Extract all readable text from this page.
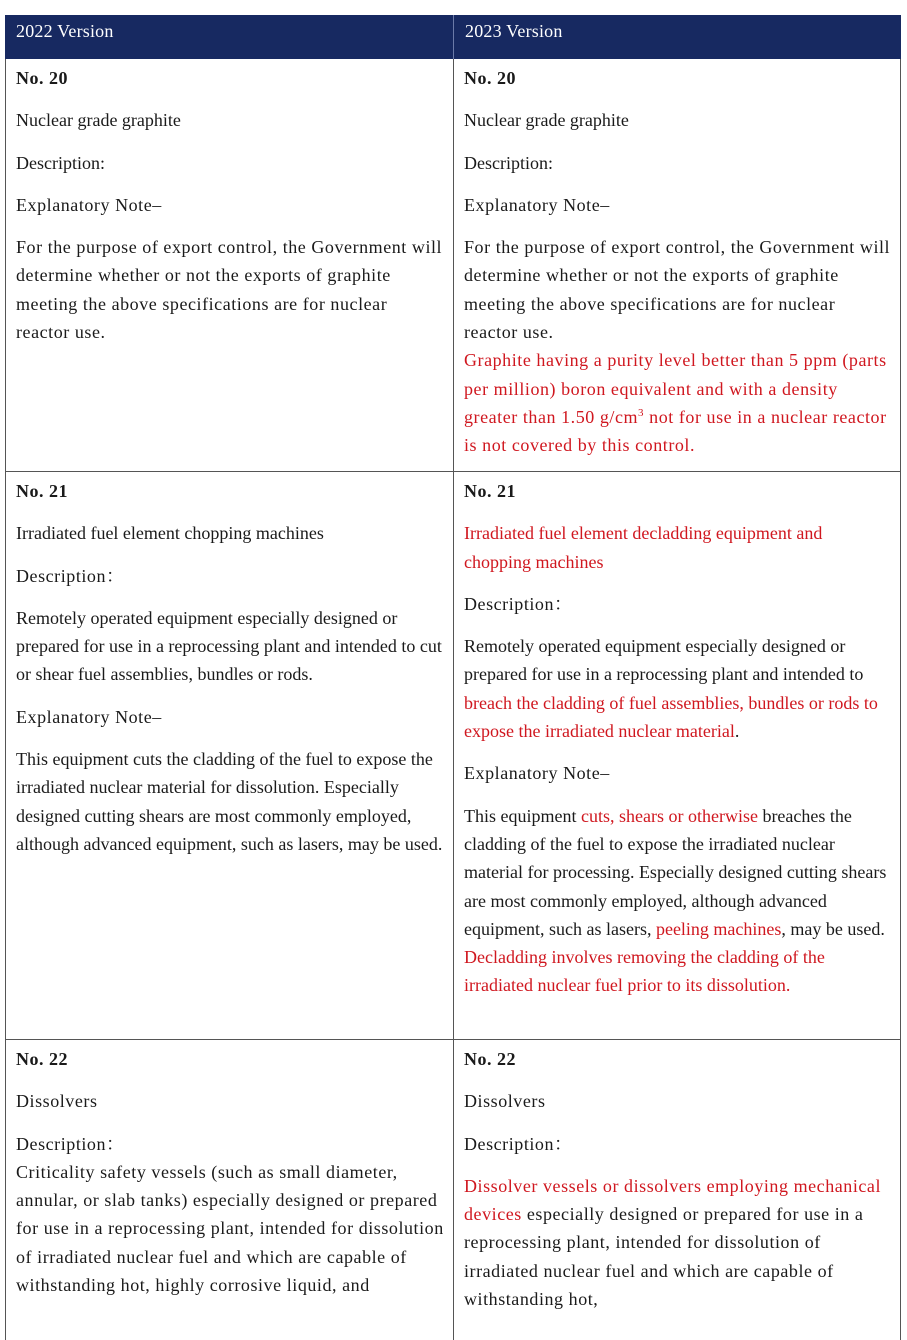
2022 Version	2023 Version

No. 20

Nuclear grade graphite

Description:

Explanatory Note–

For the purpose of export control, the Government will determine whether or not the exports of graphite meeting the above specifications are for nuclear reactor use.

No. 20

Nuclear grade graphite

Description:

Explanatory Note–

For the purpose of export control, the Government will determine whether or not the exports of graphite meeting the above specifications are for nuclear reactor use.

Graphite having a purity level better than 5 ppm (parts per million) boron equivalent and with a density greater than 1.50 $g/cm^3$ not for use in a nuclear reactor is not covered by this control.

No. 21

Irradiated fuel element chopping machines

Description：

Remotely operated equipment especially designed or prepared for use in a reprocessing plant and intended to cut or shear fuel assemblies, bundles or rods.

Explanatory Note–

This equipment cuts the cladding of the fuel to expose the irradiated nuclear material for dissolution. Especially designed cutting shears are most commonly employed, although advanced equipment, such as lasers, may be used.

No. 21

Irradiated fuel element decladding equipment and chopping machines

Description：

Remotely operated equipment especially designed or prepared for use in a reprocessing plant and intended to breach the cladding of fuel assemblies, bundles or rods to expose the irradiated nuclear material.

Explanatory Note–

This equipment cuts, shears or otherwise breaches the cladding of the fuel to expose the irradiated nuclear material for processing. Especially designed cutting shears are most commonly employed, although advanced equipment, such as lasers, peeling machines, may be used. Decladding involves removing the cladding of the irradiated nuclear fuel prior to its dissolution.

No. 22

Dissolvers

Description：

Criticality safety vessels (such as small diameter, annular, or slab tanks) especially designed or prepared for use in a reprocessing plant, intended for dissolution of irradiated nuclear fuel and which are capable of withstanding hot, highly corrosive liquid, and

No. 22

Dissolvers

Description：

Dissolver vessels or dissolvers employing mechanical devices especially designed or prepared for use in a reprocessing plant, intended for dissolution of irradiated nuclear fuel and which are capable of withstanding hot,
